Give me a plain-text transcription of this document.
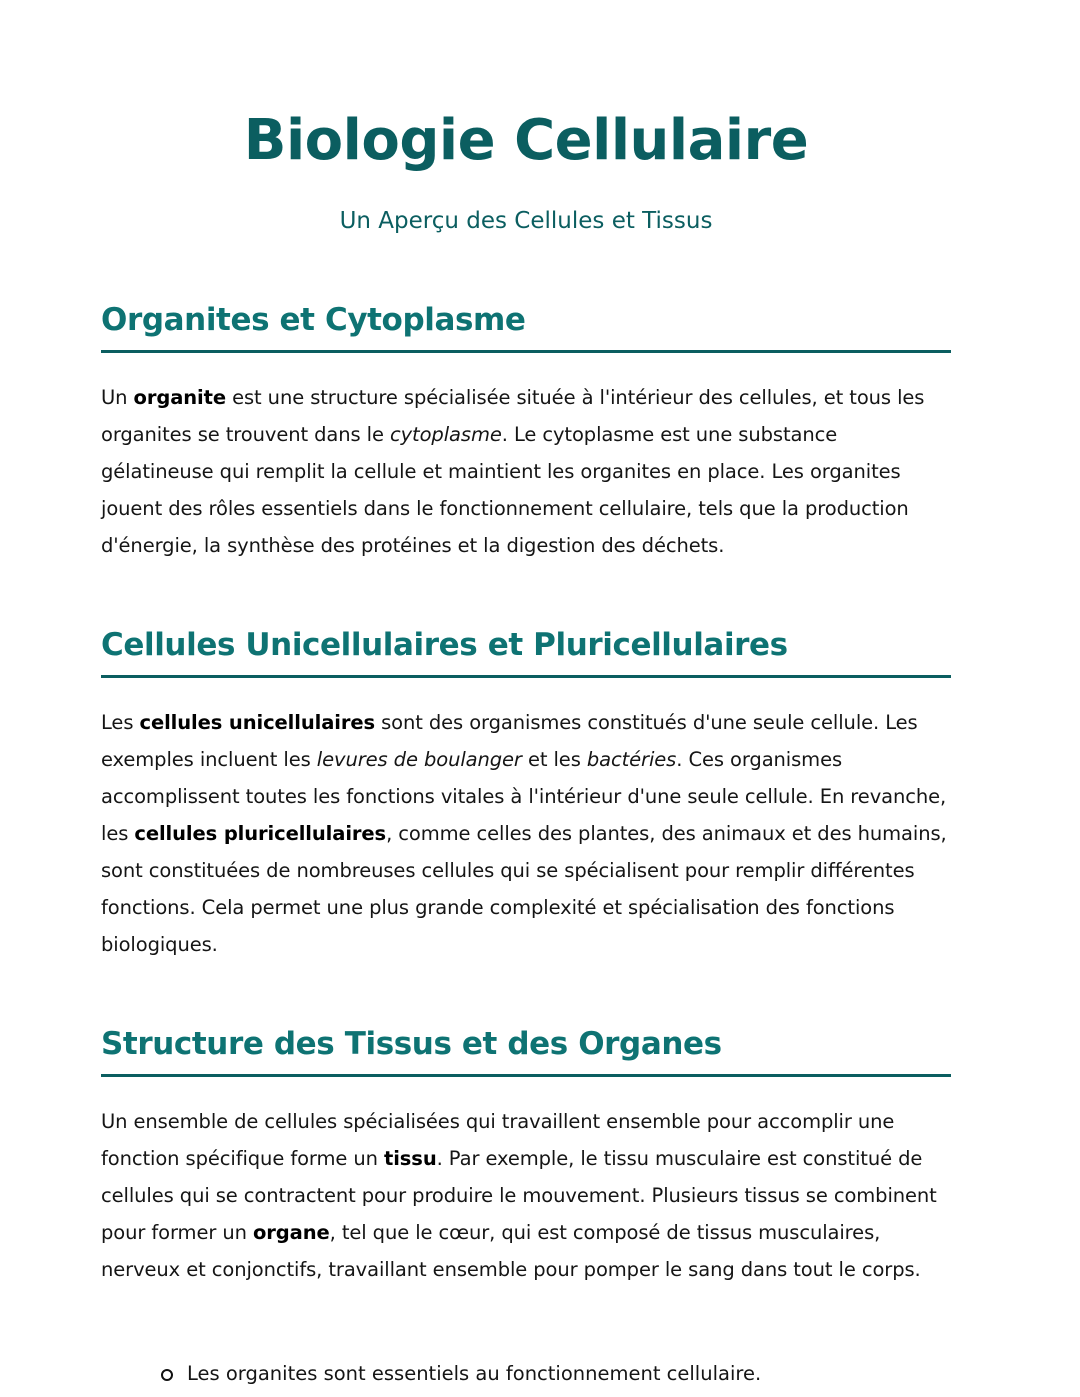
Biologie Cellulaire
Un Aperçu des Cellules et Tissus
Organites et Cytoplasme

Un organite est une structure spécialisée située à l'intérieur des cellules, et tous les organites se trouvent dans le cytoplasme. Le cytoplasme est une substance gélatineuse qui remplit la cellule et maintient les organites en place. Les organites jouent des rôles essentiels dans le fonctionnement cellulaire, tels que la production d'énergie, la synthèse des protéines et la digestion des déchets.

Cellules Unicellulaires et Pluricellulaires

Les cellules unicellulaires sont des organismes constitués d'une seule cellule. Les exemples incluent les levures de boulanger et les bactéries. Ces organismes accomplissent toutes les fonctions vitales à l'intérieur d'une seule cellule. En revanche, les cellules pluricellulaires, comme celles des plantes, des animaux et des humains, sont constituées de nombreuses cellules qui se spécialisent pour remplir différentes fonctions. Cela permet une plus grande complexité et spécialisation des fonctions biologiques.

Structure des Tissus et des Organes

Un ensemble de cellules spécialisées qui travaillent ensemble pour accomplir une fonction spécifique forme un tissu. Par exemple, le tissu musculaire est constitué de cellules qui se contractent pour produire le mouvement. Plusieurs tissus se combinent pour former un organe, tel que le cœur, qui est composé de tissus musculaires, nerveux et conjonctifs, travaillant ensemble pour pomper le sang dans tout le corps.

Les organites sont essentiels au fonctionnement cellulaire.
